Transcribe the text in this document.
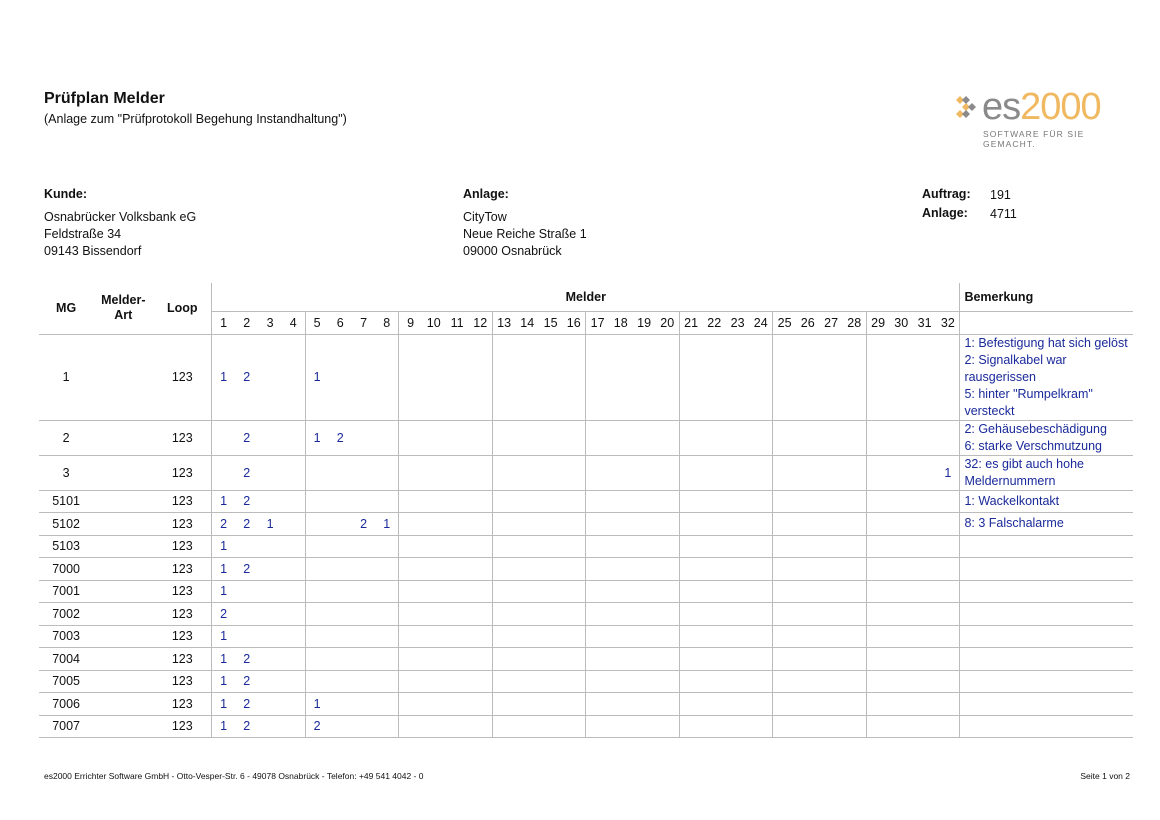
Prüfplan Melder
(Anlage zum "Prüfprotokoll Begehung Instandhaltung")	es2000
SOFTWARE FÜR SIE GEMACHT.
Kunde:
Osnabrücker Volksbank eG
Feldstraße 34
09143 Bissendorf
Anlage:
CityTow
Neue Reiche Straße 1
09000 Osnabrück
Auftrag: 191
Anlage: 4711
MG	Melder-
Art	Loop	Melder																																Bemerkung
			1	2	3	4	5	6	7	8	9	10	11	12	13	14	15	16	17	18	19	20	21	22	23	24	25	26	27	28	29	30	31	32	
1		123	1	2			1																												1: Befestigung hat sich gelöst
2: Signalkabel war rausgerissen
5: hinter "Rumpelkram" versteckt

2		123		2			1	2																											2: Gehäusebeschädigung
6: starke Verschmutzung

3		123		2																														1	32: es gibt auch hohe Meldernummern

5101		123	1	2																															1: Wackelkontakt

5102		123	2	2	1				2	1																									8: 3 Falschalarme

5103		123	1																																
7000		123	1	2																															
7001		123	1																																
7002		123	2																																
7003		123	1																																
7004		123	1	2																															
7005		123	1	2																															
7006		123	1	2			1																												
7007		123	1	2			2																												
es2000 Errichter Software GmbH - Otto-Vesper-Str. 6 - 49078 Osnabrück - Telefon: +49 541 4042 - 0	Seite 1 von 2
